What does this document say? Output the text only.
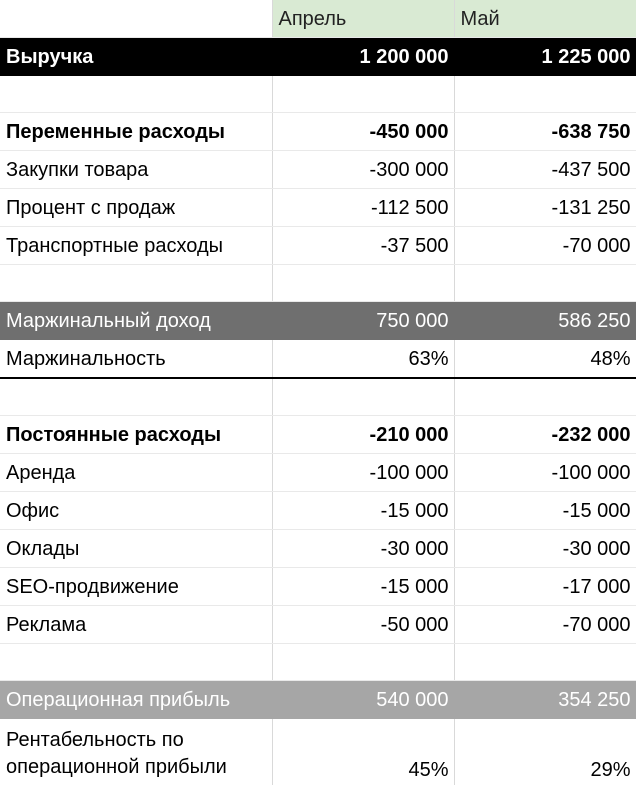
	Апрель	Май
Выручка	1 200 000	1 225 000

Переменные расходы	-450 000	-638 750
Закупки товара	-300 000	-437 500
Процент с продаж	-112 500	-131 250
Транспортные расходы	-37 500	-70 000

Маржинальный доход	750 000	586 250
Маржинальность	63%	48%

Постоянные расходы	-210 000	-232 000
Аренда	-100 000	-100 000
Офис	-15 000	-15 000
Оклады	-30 000	-30 000
SEO-продвижение	-15 000	-17 000
Реклама	-50 000	-70 000

Операционная прибыль	540 000	354 250
Рентабельность по операционной прибыли	45%	29%
